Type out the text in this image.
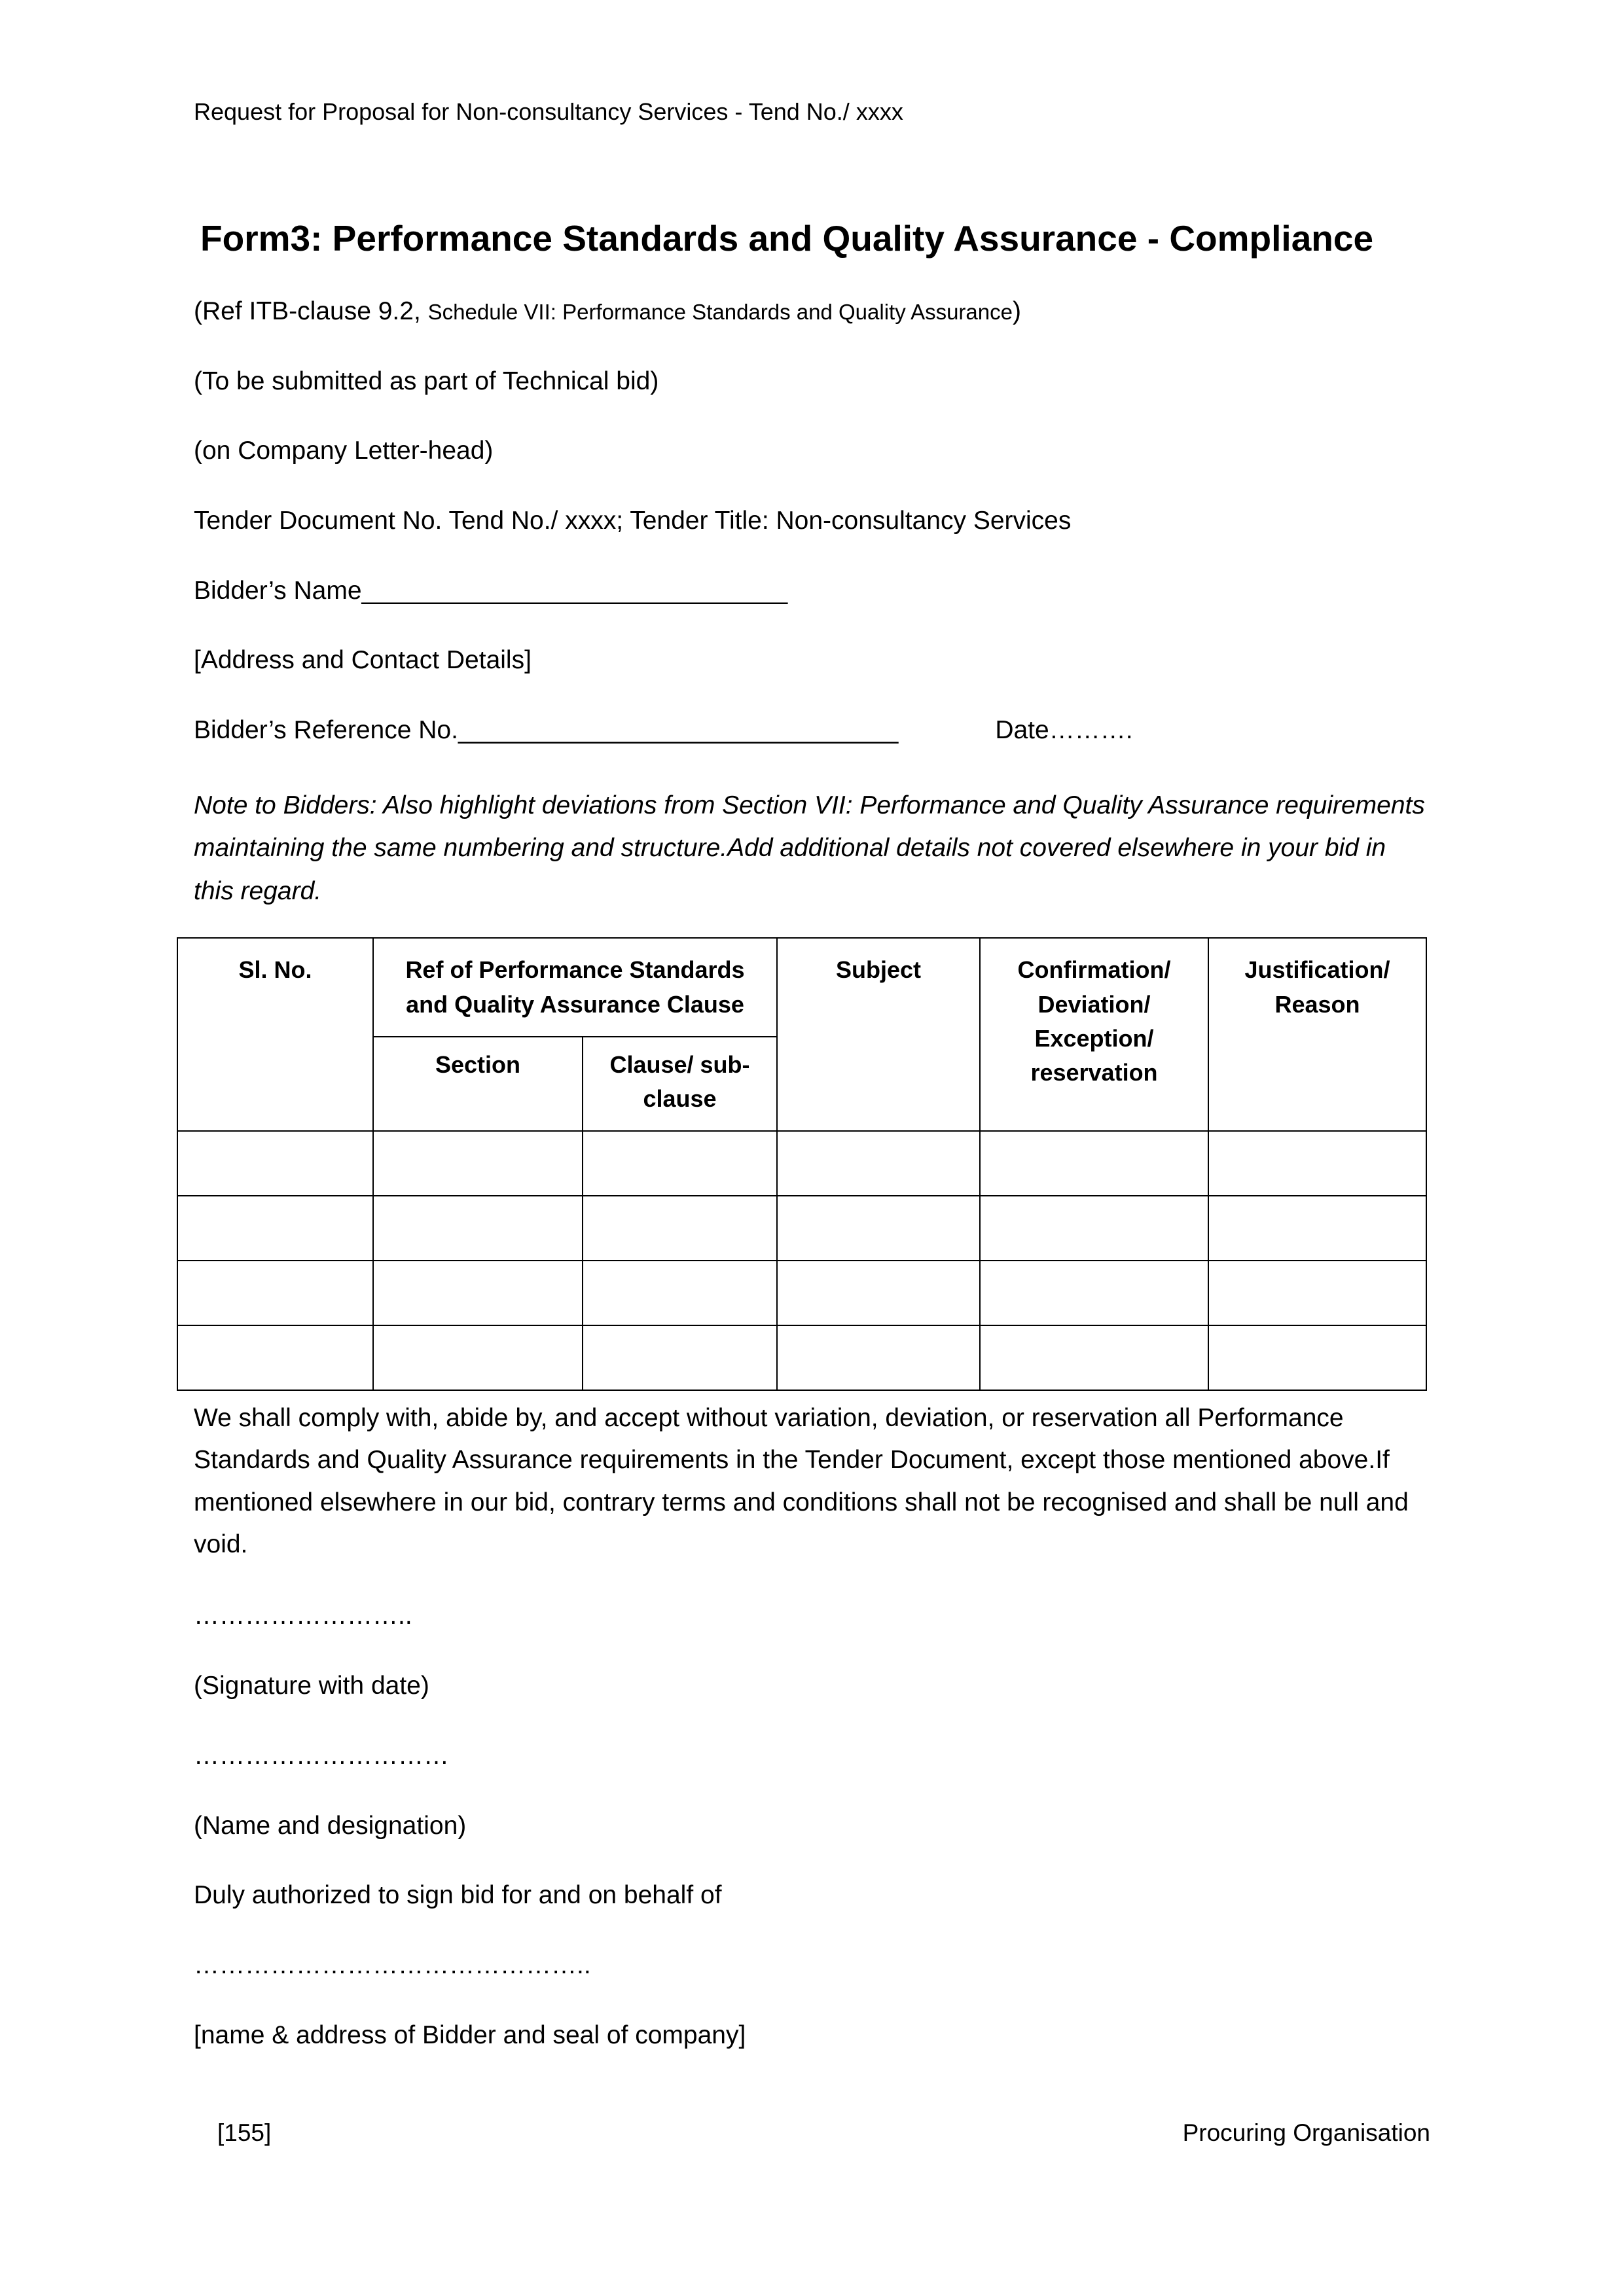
Request for Proposal for Non-consultancy Services - Tend No./ xxxx
Form3: Performance Standards and Quality Assurance - Compliance

(Ref ITB-clause 9.2, Schedule VII: Performance Standards and Quality Assurance)

(To be submitted as part of Technical bid)

(on Company Letter-head)

Tender Document No. Tend No./ xxxx; Tender Title: Non-consultancy Services

Bidder’s Name______________________________

[Address and Contact Details]

Bidder’s Reference No._______________________________	Date……….

Note to Bidders: Also highlight deviations from Section VII: Performance and Quality Assurance requirements maintaining the same numbering and structure.Add additional details not covered elsewhere in your bid in this regard.

Sl. No.	Ref of Performance Standards and Quality Assurance Clause		Subject	Confirmation/ Deviation/ Exception/ reservation	Justification/ Reason
	Section	Clause/ sub-clause			

We shall comply with, abide by, and accept without variation, deviation, or reservation all Performance Standards and Quality Assurance requirements in the Tender Document, except those mentioned above.If mentioned elsewhere in our bid, contrary terms and conditions shall not be recognised and shall be null and void.

……………………..

(Signature with date)

…………………………

(Name and designation)

Duly authorized to sign bid for and on behalf of

………………………………………..

[name & address of Bidder and seal of company]

[155]	Procuring Organisation
